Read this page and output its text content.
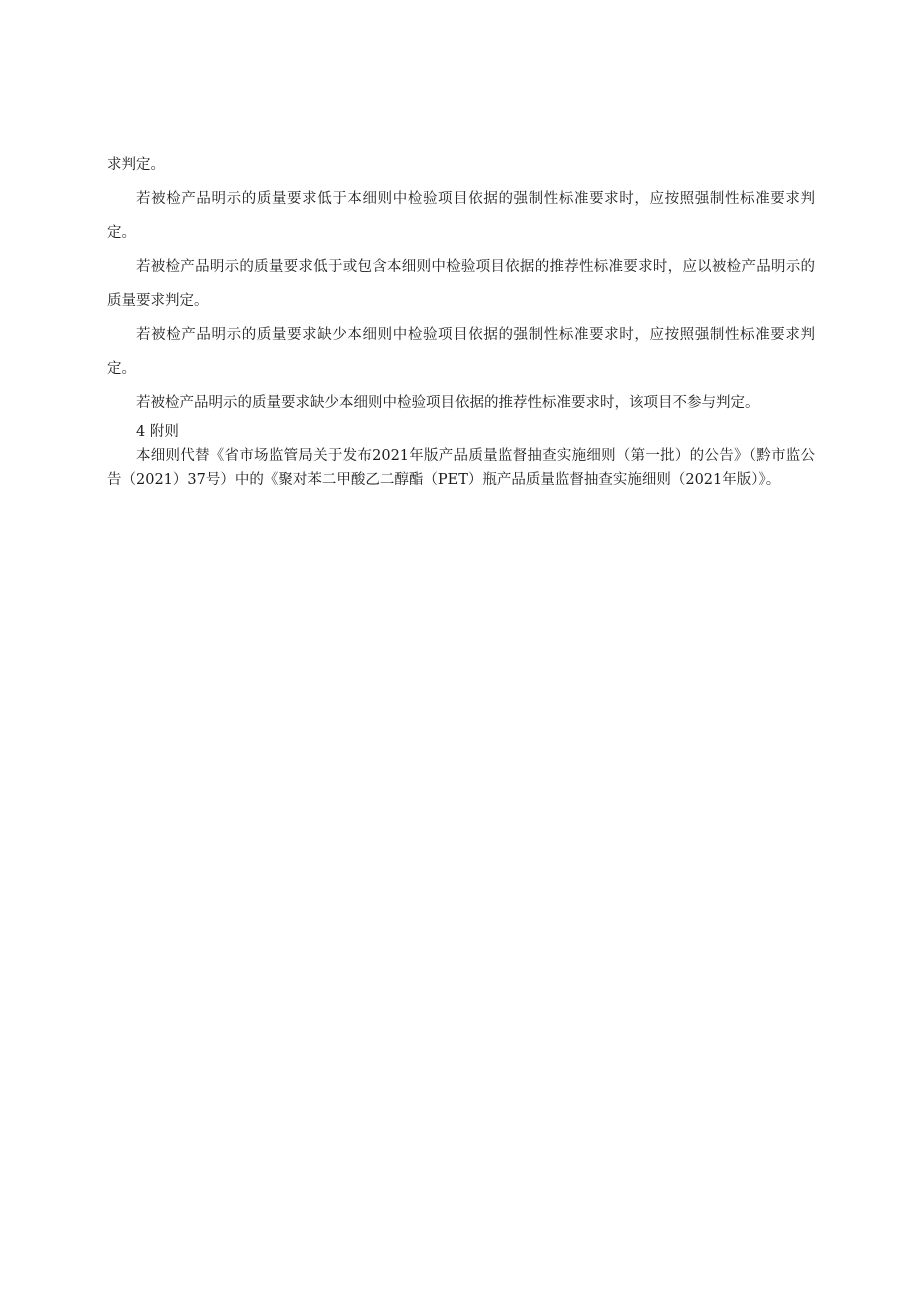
求判定。

若被检产品明示的质量要求低于本细则中检验项目依据的强制性标准要求时，应按照强制性标准要求判定。

若被检产品明示的质量要求低于或包含本细则中检验项目依据的推荐性标准要求时，应以被检产品明示的质量要求判定。

若被检产品明示的质量要求缺少本细则中检验项目依据的强制性标准要求时，应按照强制性标准要求判定。

若被检产品明示的质量要求缺少本细则中检验项目依据的推荐性标准要求时，该项目不参与判定。

4 附则

本细则代替《省市场监管局关于发布2021年版产品质量监督抽查实施细则（第一批）的公告》（黔市监公告（2021）37号）中的《聚对苯二甲酸乙二醇酯（PET）瓶产品质量监督抽查实施细则（2021年版）》。
